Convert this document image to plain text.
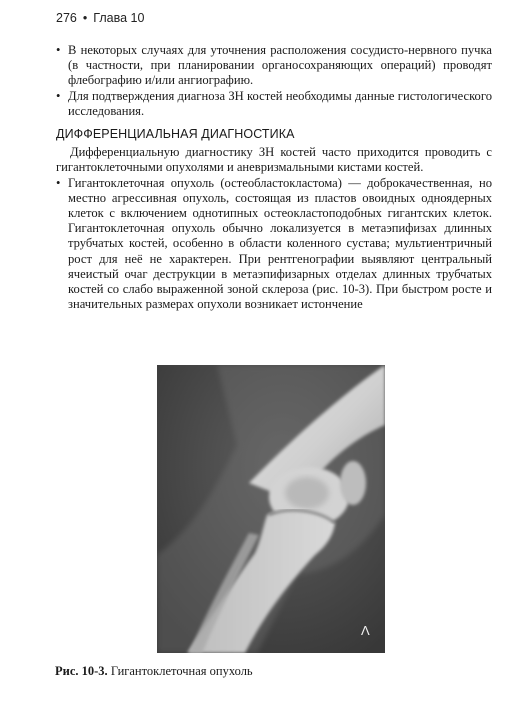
276 • Глава 10
• В некоторых случаях для уточнения расположения сосудисто-нервного пучка (в частности, при планировании органосохраняющих операций) проводят флебографию и/или ангиографию.
• Для подтверждения диагноза ЗН костей необходимы данные гистологического исследования.
ДИФФЕРЕНЦИАЛЬНАЯ ДИАГНОСТИКА
Дифференциальную диагностику ЗН костей часто приходится проводить с гигантоклеточными опухолями и аневризмальными кистами костей.
• Гигантоклеточная опухоль (остеобластокластома) — доброкачественная, но местно агрессивная опухоль, состоящая из пластов овоидных одноядерных клеток с включением однотипных остеокластоподобных гигантских клеток. Гигантоклеточная опухоль обычно локализуется в метаэпифизах длинных трубчатых костей, особенно в области коленного сустава; мультиентричный рост для неё не характерен. При рентгенографии выявляют центральный ячеистый очаг деструкции в метаэпифизарных отделах длинных трубчатых костей со слабо выраженной зоной склероза (рис. 10-3). При быстром росте и значительных размерах опухоли возникает истончение
Λ
Рис. 10-3. Гигантоклеточная опухоль
